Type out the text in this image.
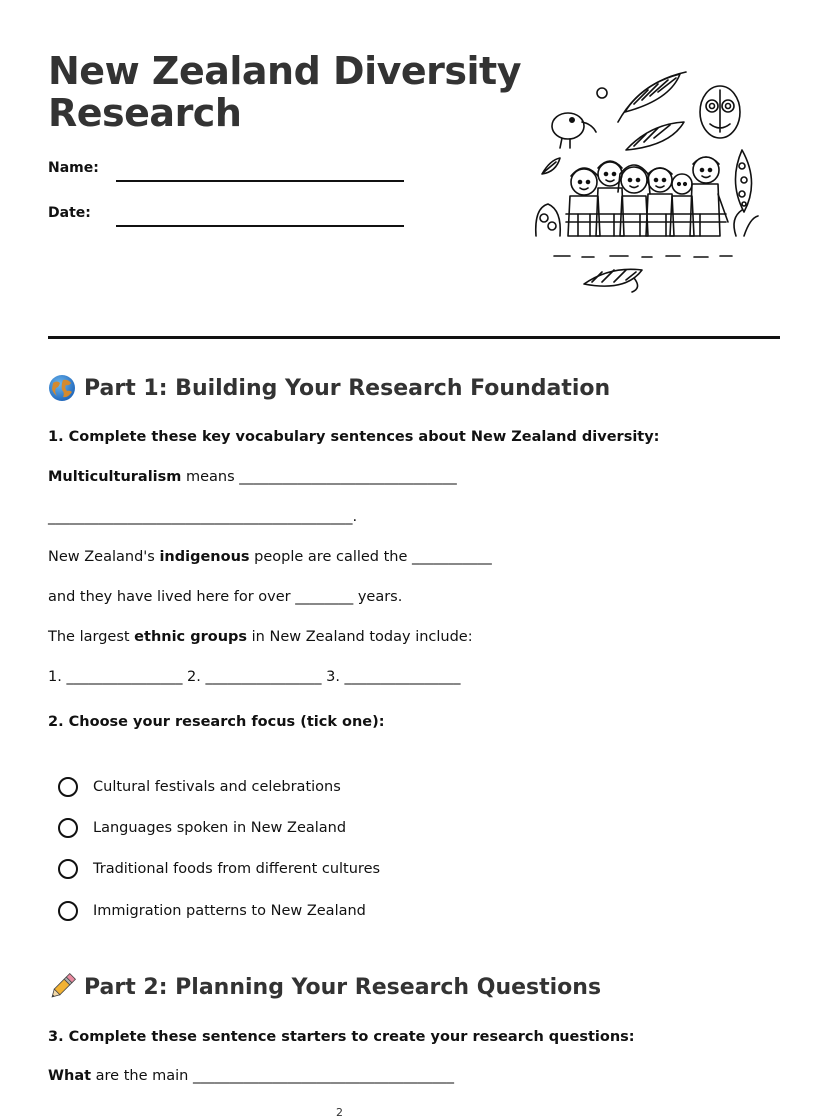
New Zealand Diversity
Research
Name:
Date:
Part 1: Building Your Research Foundation
1. Complete these key vocabulary sentences about New Zealand diversity:
Multiculturalism means ______________________________
__________________________________________.
New Zealand's indigenous people are called the ___________
and they have lived here for over ________ years.
The largest ethnic groups in New Zealand today include:
1. ________________ 2. ________________ 3. ________________
2. Choose your research focus (tick one):
Cultural festivals and celebrations
Languages spoken in New Zealand
Traditional foods from different cultures
Immigration patterns to New Zealand
Part 2: Planning Your Research Questions
3. Complete these sentence starters to create your research questions:
What are the main ____________________________________
2
